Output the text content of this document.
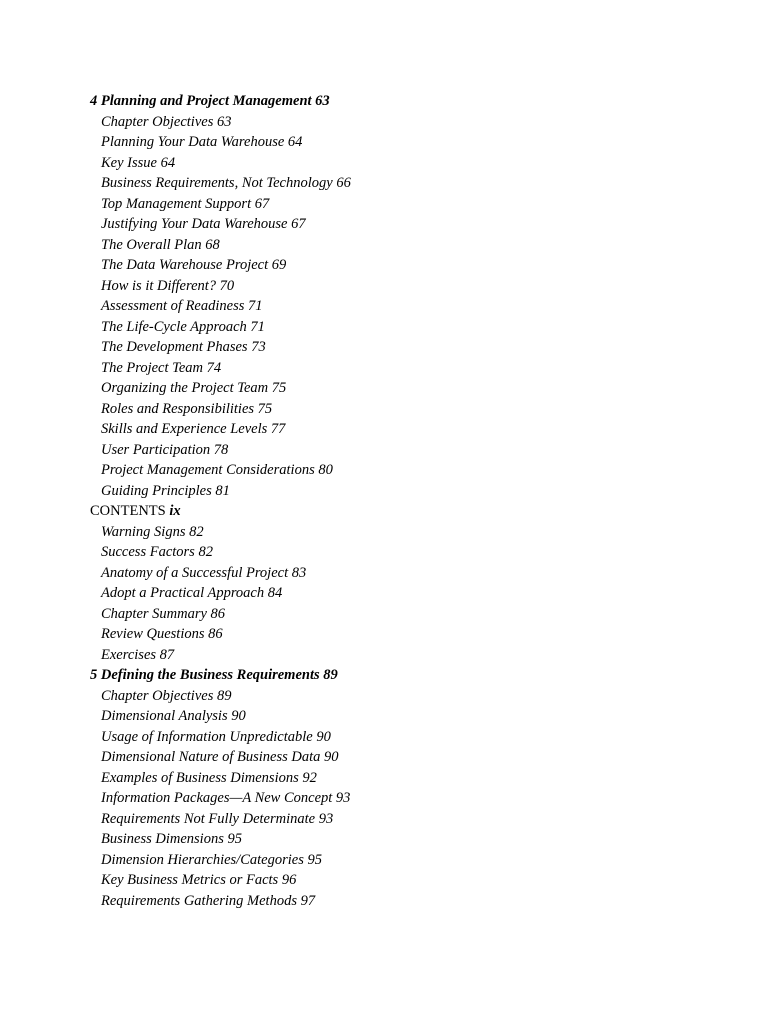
4 Planning and Project Management 63
Chapter Objectives 63
Planning Your Data Warehouse 64
Key Issue 64
Business Requirements, Not Technology 66
Top Management Support 67
Justifying Your Data Warehouse 67
The Overall Plan 68
The Data Warehouse Project 69
How is it Different? 70
Assessment of Readiness 71
The Life-Cycle Approach 71
The Development Phases 73
The Project Team 74
Organizing the Project Team 75
Roles and Responsibilities 75
Skills and Experience Levels 77
User Participation 78
Project Management Considerations 80
Guiding Principles 81
CONTENTS ix
Warning Signs 82
Success Factors 82
Anatomy of a Successful Project 83
Adopt a Practical Approach 84
Chapter Summary 86
Review Questions 86
Exercises 87
5 Defining the Business Requirements 89
Chapter Objectives 89
Dimensional Analysis 90
Usage of Information Unpredictable 90
Dimensional Nature of Business Data 90
Examples of Business Dimensions 92
Information Packages—A New Concept 93
Requirements Not Fully Determinate 93
Business Dimensions 95
Dimension Hierarchies/Categories 95
Key Business Metrics or Facts 96
Requirements Gathering Methods 97
